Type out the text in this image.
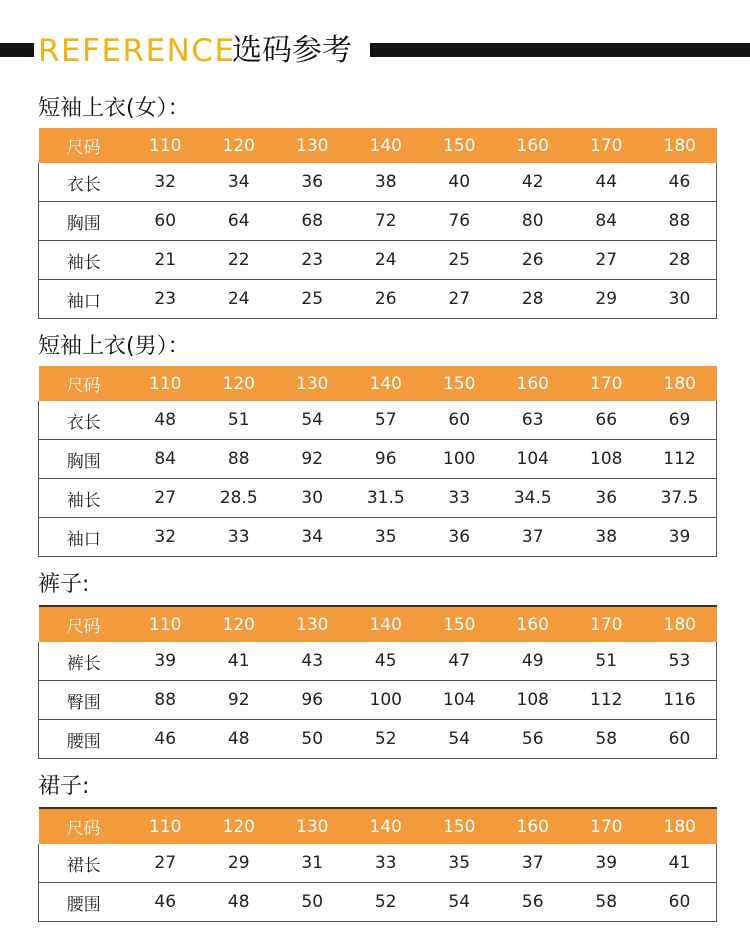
REFERENCE
选码参考
短袖上衣(女）：
尺码	110	120	130	140	150	160	170	180
衣长	32	34	36	38	40	42	44	46
胸围	60	64	68	72	76	80	84	88
袖长	21	22	23	24	25	26	27	28
袖口	23	24	25	26	27	28	29	30
短袖上衣(男）：
尺码	110	120	130	140	150	160	170	180
衣长	48	51	54	57	60	63	66	69
胸围	84	88	92	96	100	104	108	112
袖长	27	28.5	30	31.5	33	34.5	36	37.5
袖口	32	33	34	35	36	37	38	39
裤子:
尺码	110	120	130	140	150	160	170	180
裤长	39	41	43	45	47	49	51	53
臀围	88	92	96	100	104	108	112	116
腰围	46	48	50	52	54	56	58	60
裙子:
尺码	110	120	130	140	150	160	170	180
裙长	27	29	31	33	35	37	39	41
腰围	46	48	50	52	54	56	58	60
